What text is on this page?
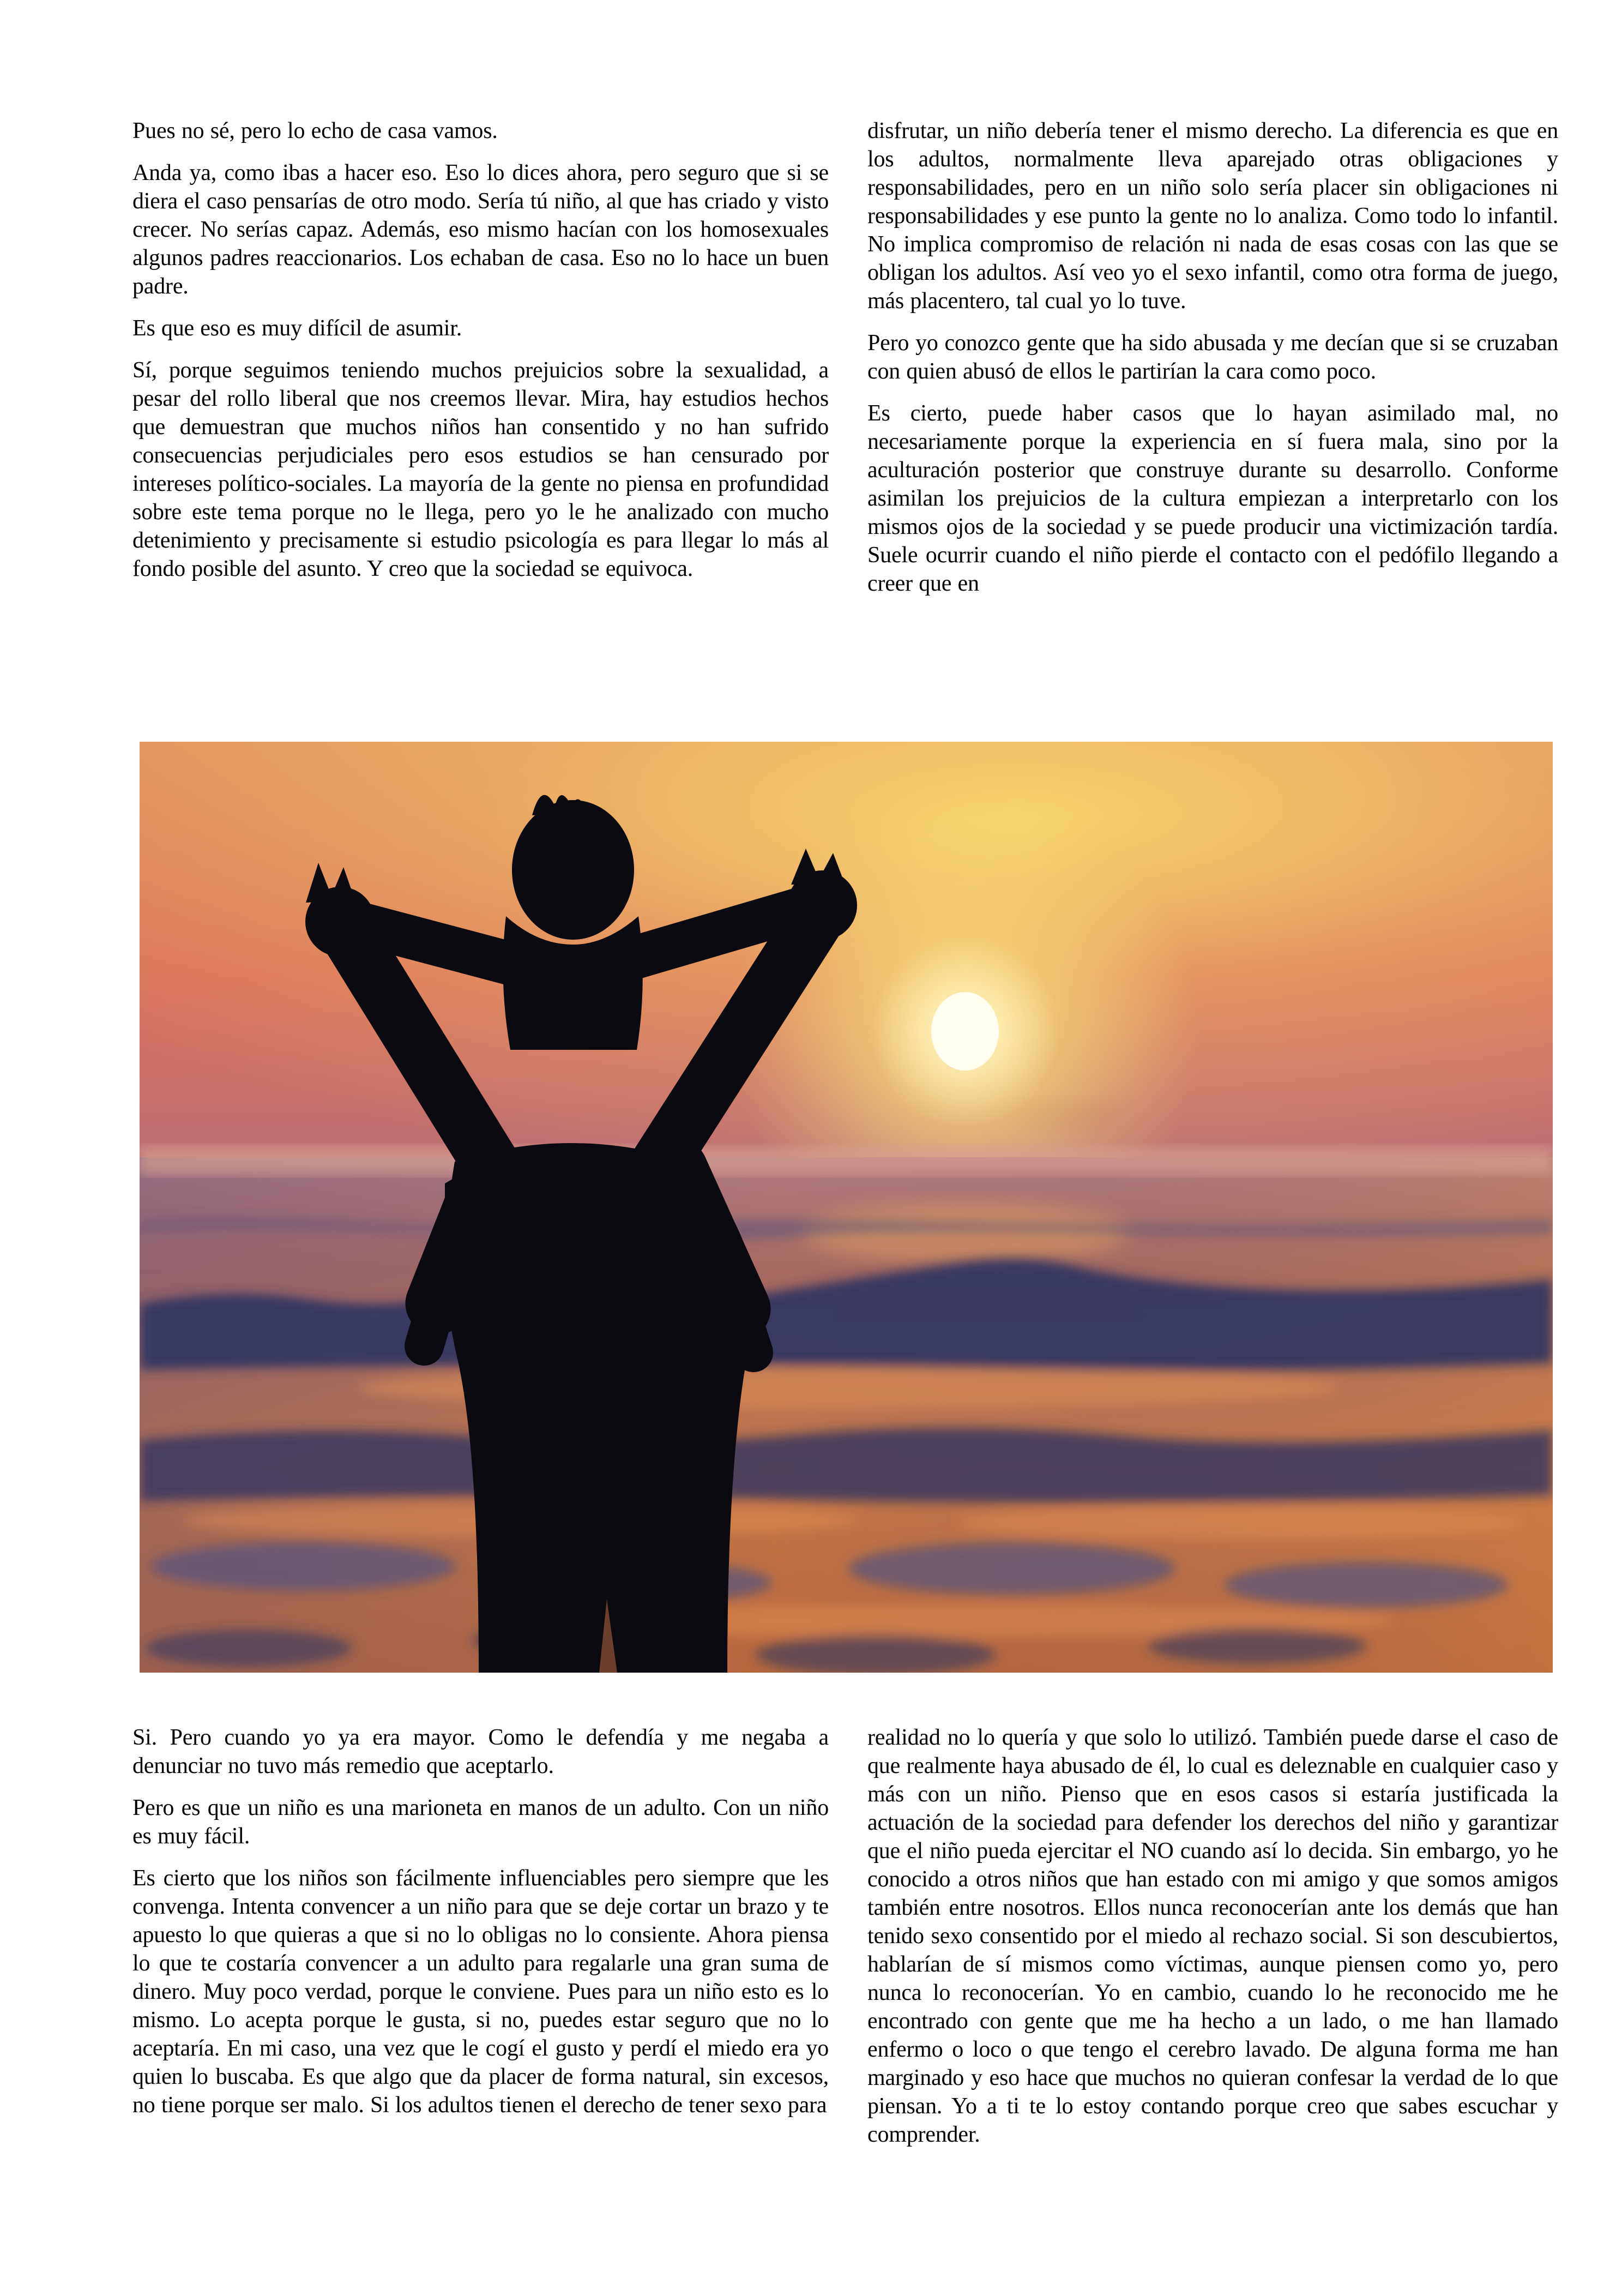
Pues no sé, pero lo echo de casa vamos.

Anda ya, como ibas a hacer eso. Eso lo dices ahora, pero seguro que si se diera el caso pensarías de otro modo. Sería tú niño, al que has criado y visto crecer. No serías capaz. Además, eso mismo hacían con los homosexuales algunos padres reaccionarios. Los echaban de casa. Eso no lo hace un buen padre.

Es que eso es muy difícil de asumir.

Sí, porque seguimos teniendo muchos prejuicios sobre la sexualidad, a pesar del rollo liberal que nos creemos llevar. Mira, hay estudios hechos que demuestran que muchos niños han consentido y no han sufrido consecuencias perjudiciales pero esos estudios se han censurado por intereses político-sociales. La mayoría de la gente no piensa en profundidad sobre este tema porque no le llega, pero yo le he analizado con mucho detenimiento y precisamente si estudio psicología es para llegar lo más al fondo posible del asunto. Y creo que la sociedad se equivoca.

disfrutar, un niño debería tener el mismo derecho. La diferencia es que en los adultos, normalmente lleva aparejado otras obligaciones y responsabilidades, pero en un niño solo sería placer sin obligaciones ni responsabilidades y ese punto la gente no lo analiza. Como todo lo infantil. No implica compromiso de relación ni nada de esas cosas con las que se obligan los adultos. Así veo yo el sexo infantil, como otra forma de juego, más placentero, tal cual yo lo tuve.

Pero yo conozco gente que ha sido abusada y me decían que si se cruzaban con quien abusó de ellos le partirían la cara como poco.

Es cierto, puede haber casos que lo hayan asimilado mal, no necesariamente porque la experiencia en sí fuera mala, sino por la aculturación posterior que construye durante su desarrollo. Conforme asimilan los prejuicios de la cultura empiezan a interpretarlo con los mismos ojos de la sociedad y se puede producir una victimización tardía. Suele ocurrir cuando el niño pierde el contacto con el pedófilo llegando a creer que en

Si. Pero cuando yo ya era mayor. Como le defendía y me negaba a denunciar no tuvo más remedio que aceptarlo.

Pero es que un niño es una marioneta en manos de un adulto. Con un niño es muy fácil.

Es cierto que los niños son fácilmente influenciables pero siempre que les convenga. Intenta convencer a un niño para que se deje cortar un brazo y te apuesto lo que quieras a que si no lo obligas no lo consiente. Ahora piensa lo que te costaría convencer a un adulto para regalarle una gran suma de dinero. Muy poco verdad, porque le conviene. Pues para un niño esto es lo mismo. Lo acepta porque le gusta, si no, puedes estar seguro que no lo aceptaría. En mi caso, una vez que le cogí el gusto y perdí el miedo era yo quien lo buscaba. Es que algo que da placer de forma natural, sin excesos, no tiene porque ser malo. Si los adultos tienen el derecho de tener sexo para

realidad no lo quería y que solo lo utilizó. También puede darse el caso de que realmente haya abusado de él, lo cual es deleznable en cualquier caso y más con un niño. Pienso que en esos casos si estaría justificada la actuación de la sociedad para defender los derechos del niño y garantizar que el niño pueda ejercitar el NO cuando así lo decida. Sin embargo, yo he conocido a otros niños que han estado con mi amigo y que somos amigos también entre nosotros. Ellos nunca reconocerían ante los demás que han tenido sexo consentido por el miedo al rechazo social. Si son descubiertos, hablarían de sí mismos como víctimas, aunque piensen como yo, pero nunca lo reconocerían. Yo en cambio, cuando lo he reconocido me he encontrado con gente que me ha hecho a un lado, o me han llamado enfermo o loco o que tengo el cerebro lavado. De alguna forma me han marginado y eso hace que muchos no quieran confesar la verdad de lo que piensan. Yo a ti te lo estoy contando porque creo que sabes escuchar y comprender.
